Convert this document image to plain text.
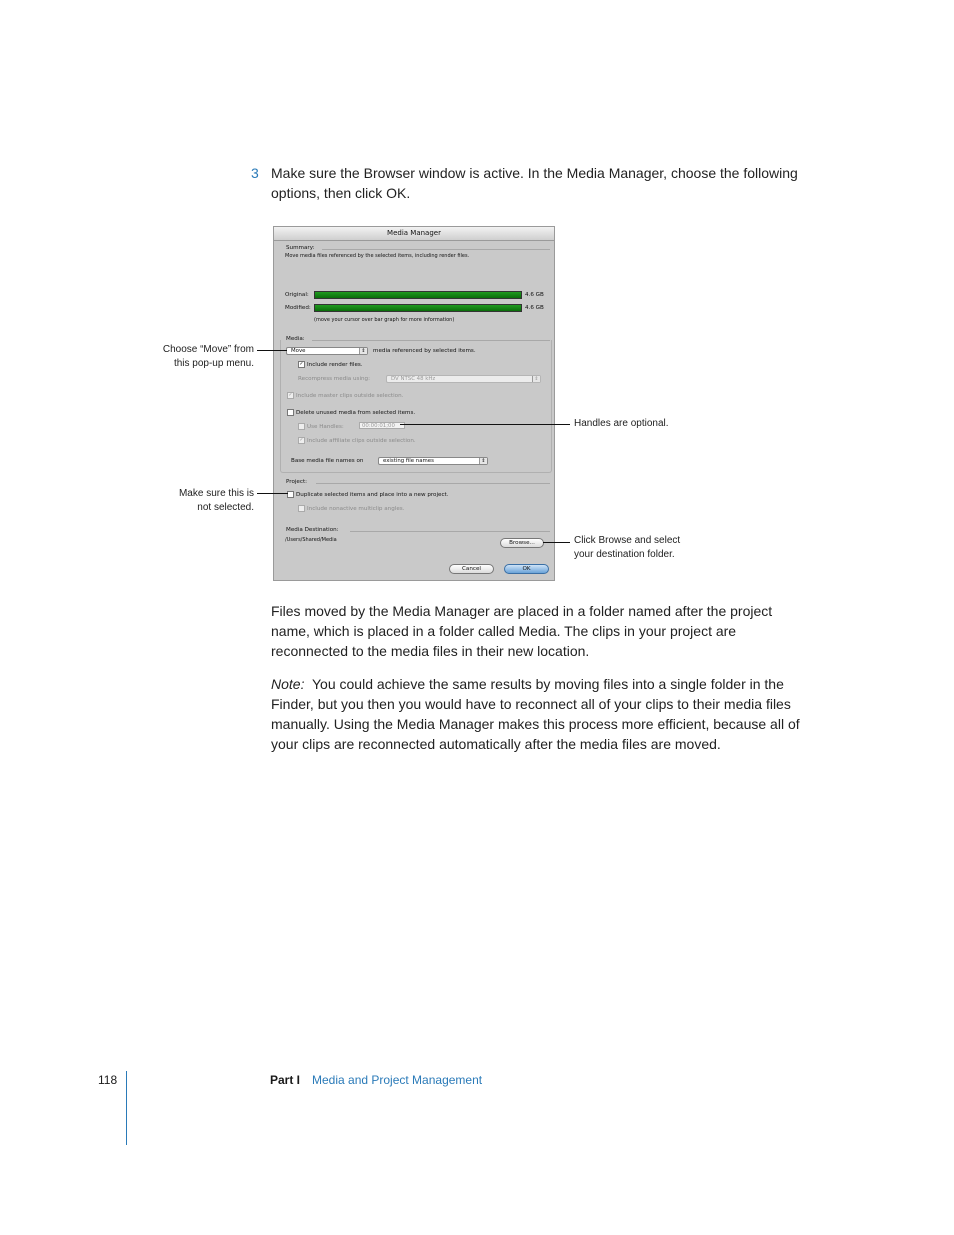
3 Make sure the Browser window is active. In the Media Manager, choose the following
options, then click OK.
Media Manager
Summary:
Move media files referenced by the selected items, including render files.
Original:	4.6 GB
Modified:	4.6 GB
(move your cursor over bar graph for more information)
Media:
Move	⇕ media referenced by selected items.
✓ Include render files.
Recompress media using:	DV NTSC 48 kHz	⇕
✓ Include master clips outside selection.
Delete unused media from selected items.
Use Handles:	00:00:01;00
✓ Include affiliate clips outside selection.
Base media file names on	existing file names	⇕
Project:
Duplicate selected items and place into a new project.
Include nonactive multiclip angles.
Media Destination:
/Users/Shared/Media	Browse...
Cancel	OK
Choose “Move” from
this pop-up menu.
Make sure this is
not selected.
Handles are optional.
Click Browse and select
your destination folder.
Files moved by the Media Manager are placed in a folder named after the project
name, which is placed in a folder called Media. The clips in your project are
reconnected to the media files in their new location.
Note: You could achieve the same results by moving files into a single folder in the
Finder, but you then you would have to reconnect all of your clips to their media files
manually. Using the Media Manager makes this process more efficient, because all of
your clips are reconnected automatically after the media files are moved.
118	Part I Media and Project Management
